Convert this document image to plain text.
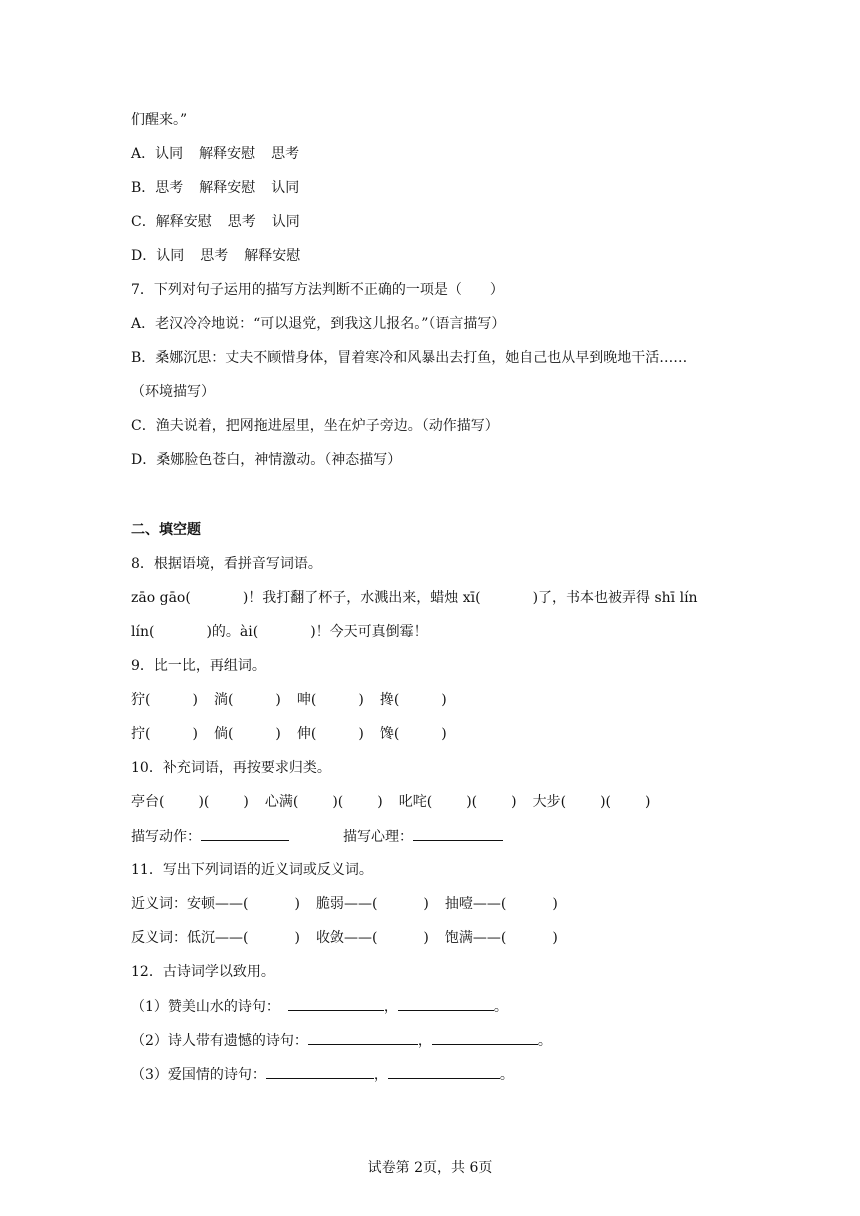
们醒来。”
A．认同 解释安慰 思考
B．思考 解释安慰 认同
C．解释安慰 思考 认同
D．认同 思考 解释安慰
7．下列对句子运用的描写方法判断不正确的一项是（　　）
A．老汉冷冷地说：“可以退党，到我这儿报名。”（语言描写）
B．桑娜沉思：丈夫不顾惜身体，冒着寒冷和风暴出去打鱼，她自己也从早到晚地干活……
（环境描写）
C．渔夫说着，把网拖进屋里，坐在炉子旁边。（动作描写）
D．桑娜脸色苍白，神情激动。（神态描写）
二、填空题
8．根据语境，看拼音写词语。
zāo gāo(	)！我打翻了杯子，水溅出来，蜡烛 xī(	)了，书本也被弄得 shī lín
lín(	)的。ài(	)！今天可真倒霉！
9．比一比，再组词。
狞(	) 淌(	) 呻(	) 搀(	)
拧(	) 倘(	) 伸(	) 馋(	)
10．补充词语，再按要求归类。
亭台( )( ) 心满( )( ) 叱咤( )( ) 大步( )( )
描写动作：	描写心理：
11．写出下列词语的近义词或反义词。
近义词：安顿——(	) 脆弱——(	) 抽噎——(	)
反义词：低沉——(	) 收敛——(	) 饱满——(	)
12．古诗词学以致用。
（1）赞美山水的诗句：	，	。
（2）诗人带有遗憾的诗句：	，	。
（3）爱国情的诗句：	，	。
试卷第 2页，共 6页
